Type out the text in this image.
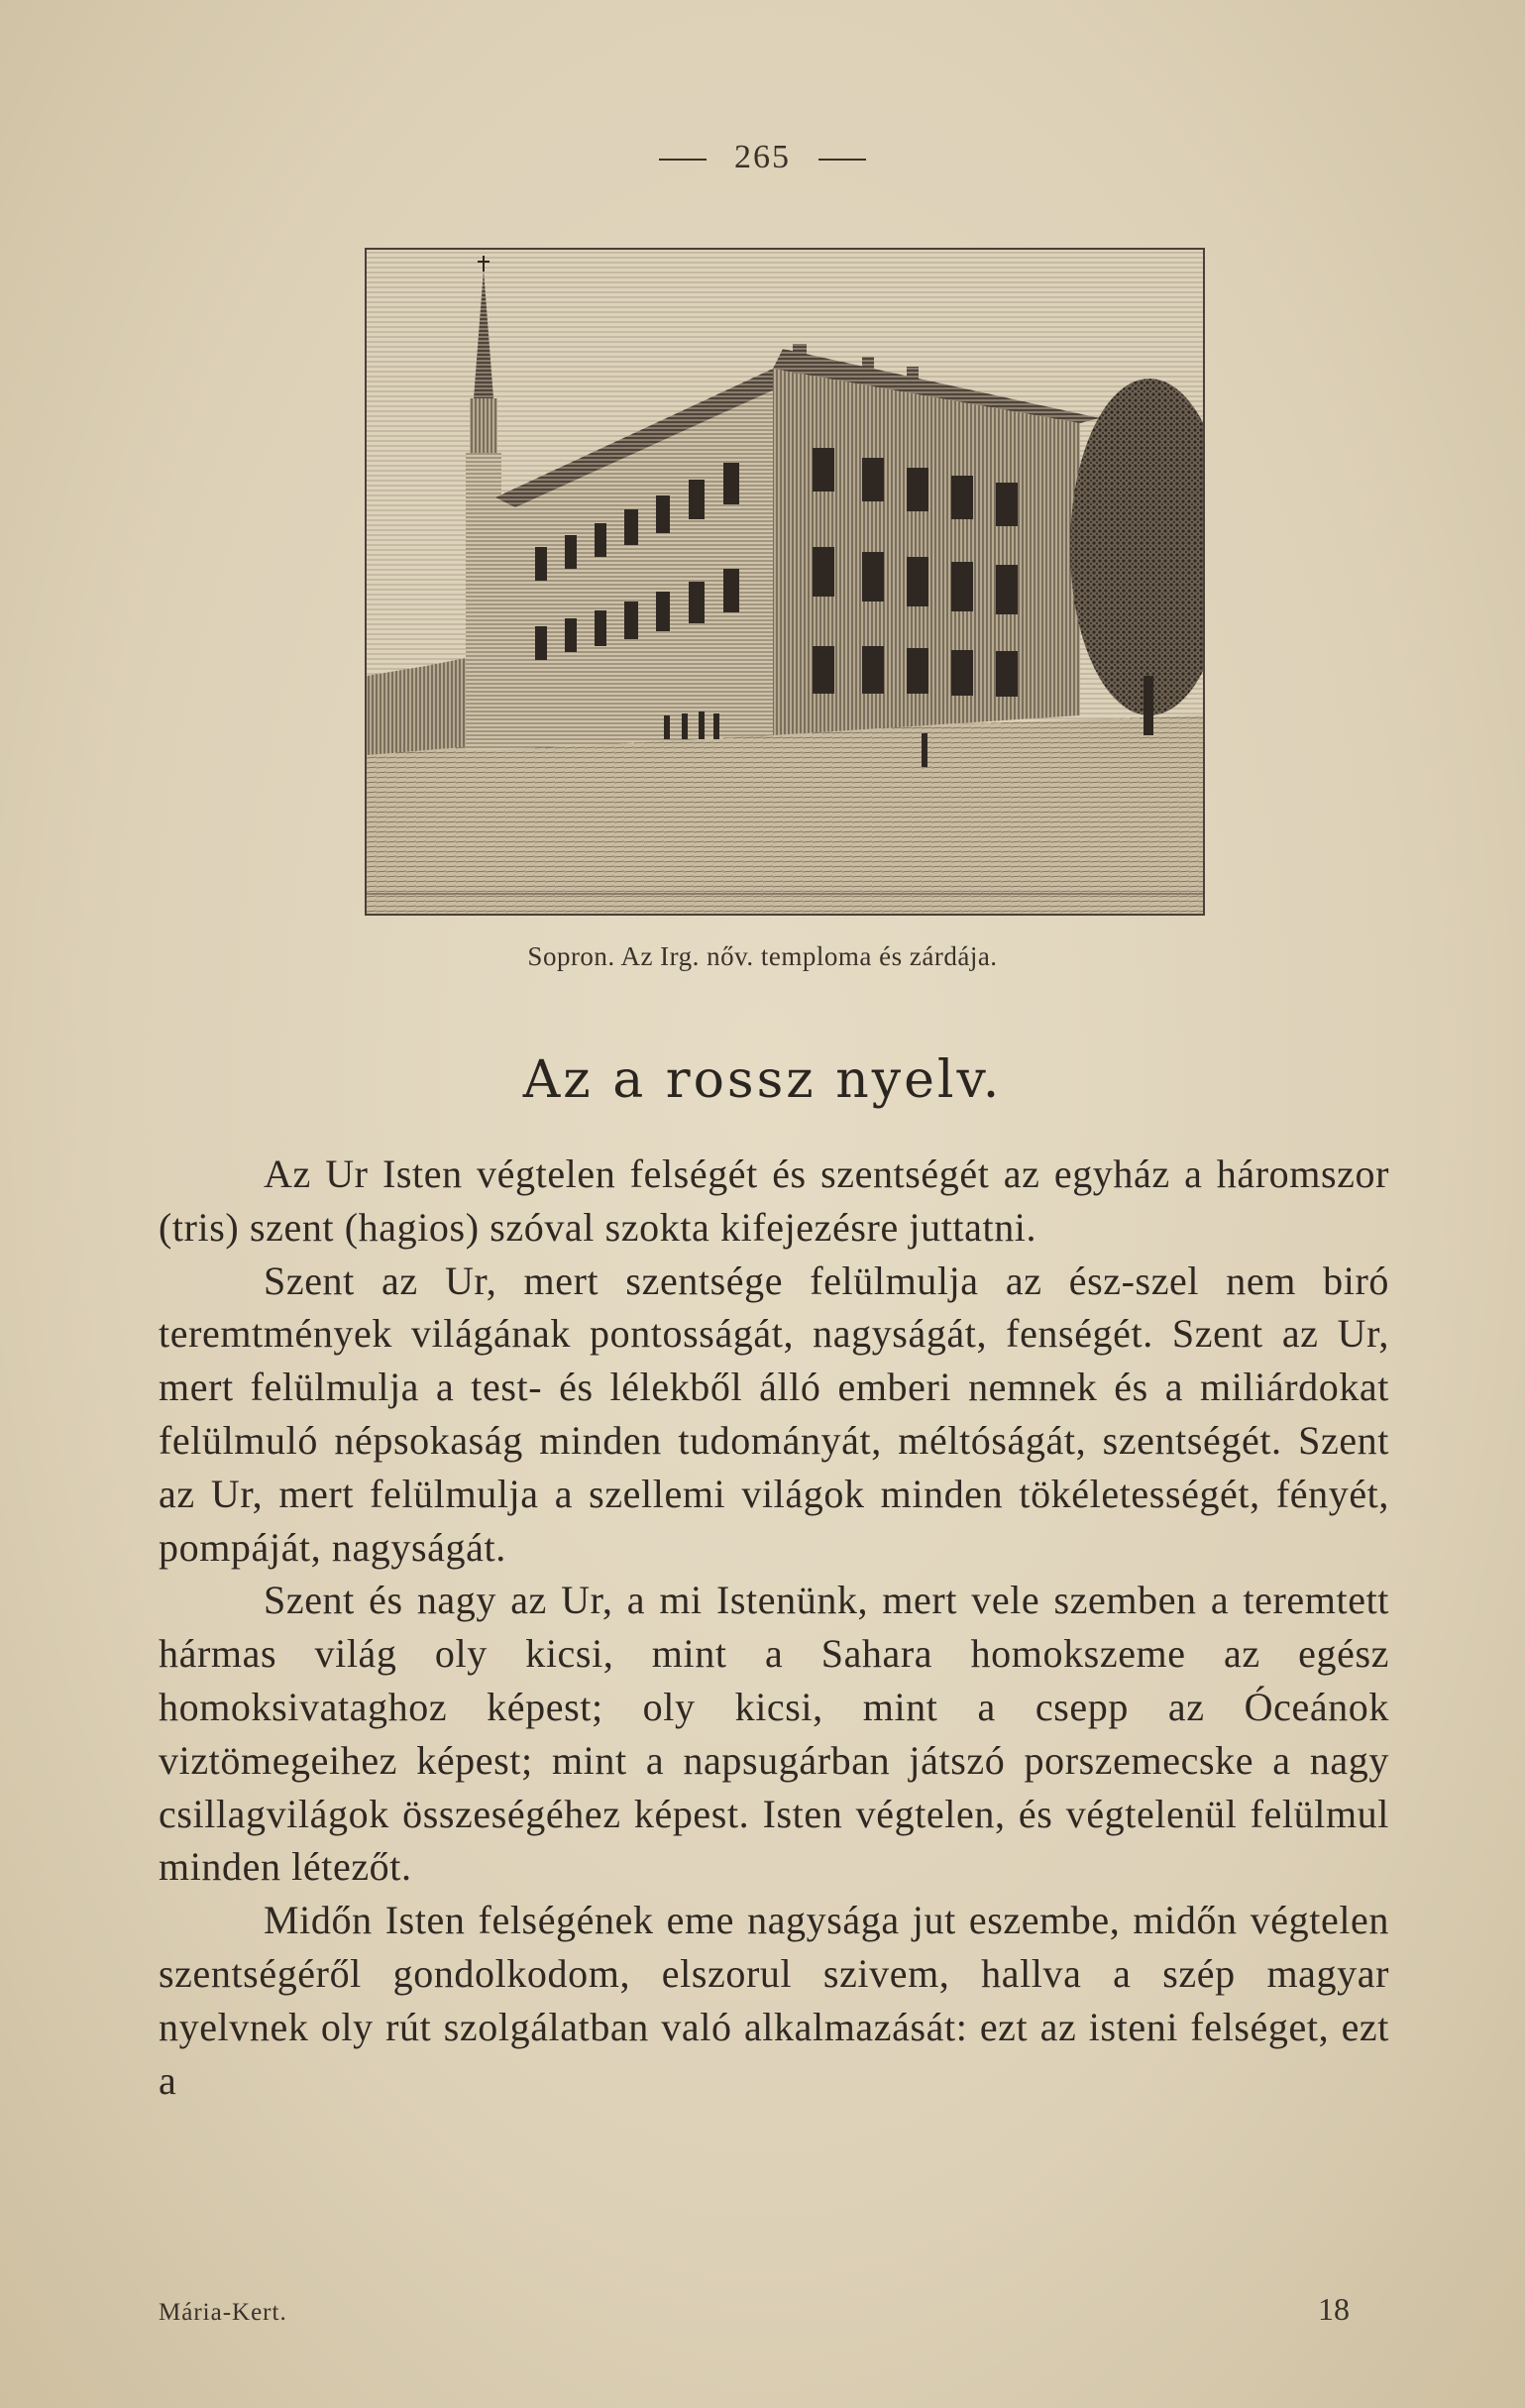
265
Sopron. Az Irg. nőv. temploma és zárdája.
Az a rossz nyelv.

Az Ur Isten végtelen felségét és szentségét az egyház a háromszor (tris) szent (hagios) szóval szokta kifejezésre juttatni.

Szent az Ur, mert szentsége felülmulja az ész-szel nem biró teremtmények világának pontosságát, nagyságát, fenségét. Szent az Ur, mert felülmulja a test- és lélekből álló emberi nemnek és a miliárdokat felülmuló népsokaság minden tudományát, méltóságát, szentségét. Szent az Ur, mert felülmulja a szellemi világok minden tökéletességét, fényét, pompáját, nagyságát.

Szent és nagy az Ur, a mi Istenünk, mert vele szemben a teremtett hármas világ oly kicsi, mint a Sahara homokszeme az egész homoksivataghoz képest; oly kicsi, mint a csepp az Óceánok viztömegeihez képest; mint a napsugárban játszó porszemecske a nagy csillagvilágok összeségéhez képest. Isten végtelen, és végtelenül felülmul minden létezőt.

Midőn Isten felségének eme nagysága jut eszembe, midőn végtelen szentségéről gondolkodom, elszorul szivem, hallva a szép magyar nyelvnek oly rút szolgálatban való alkalmazását: ezt az isteni felséget, ezt a

Mária-Kert.	18
